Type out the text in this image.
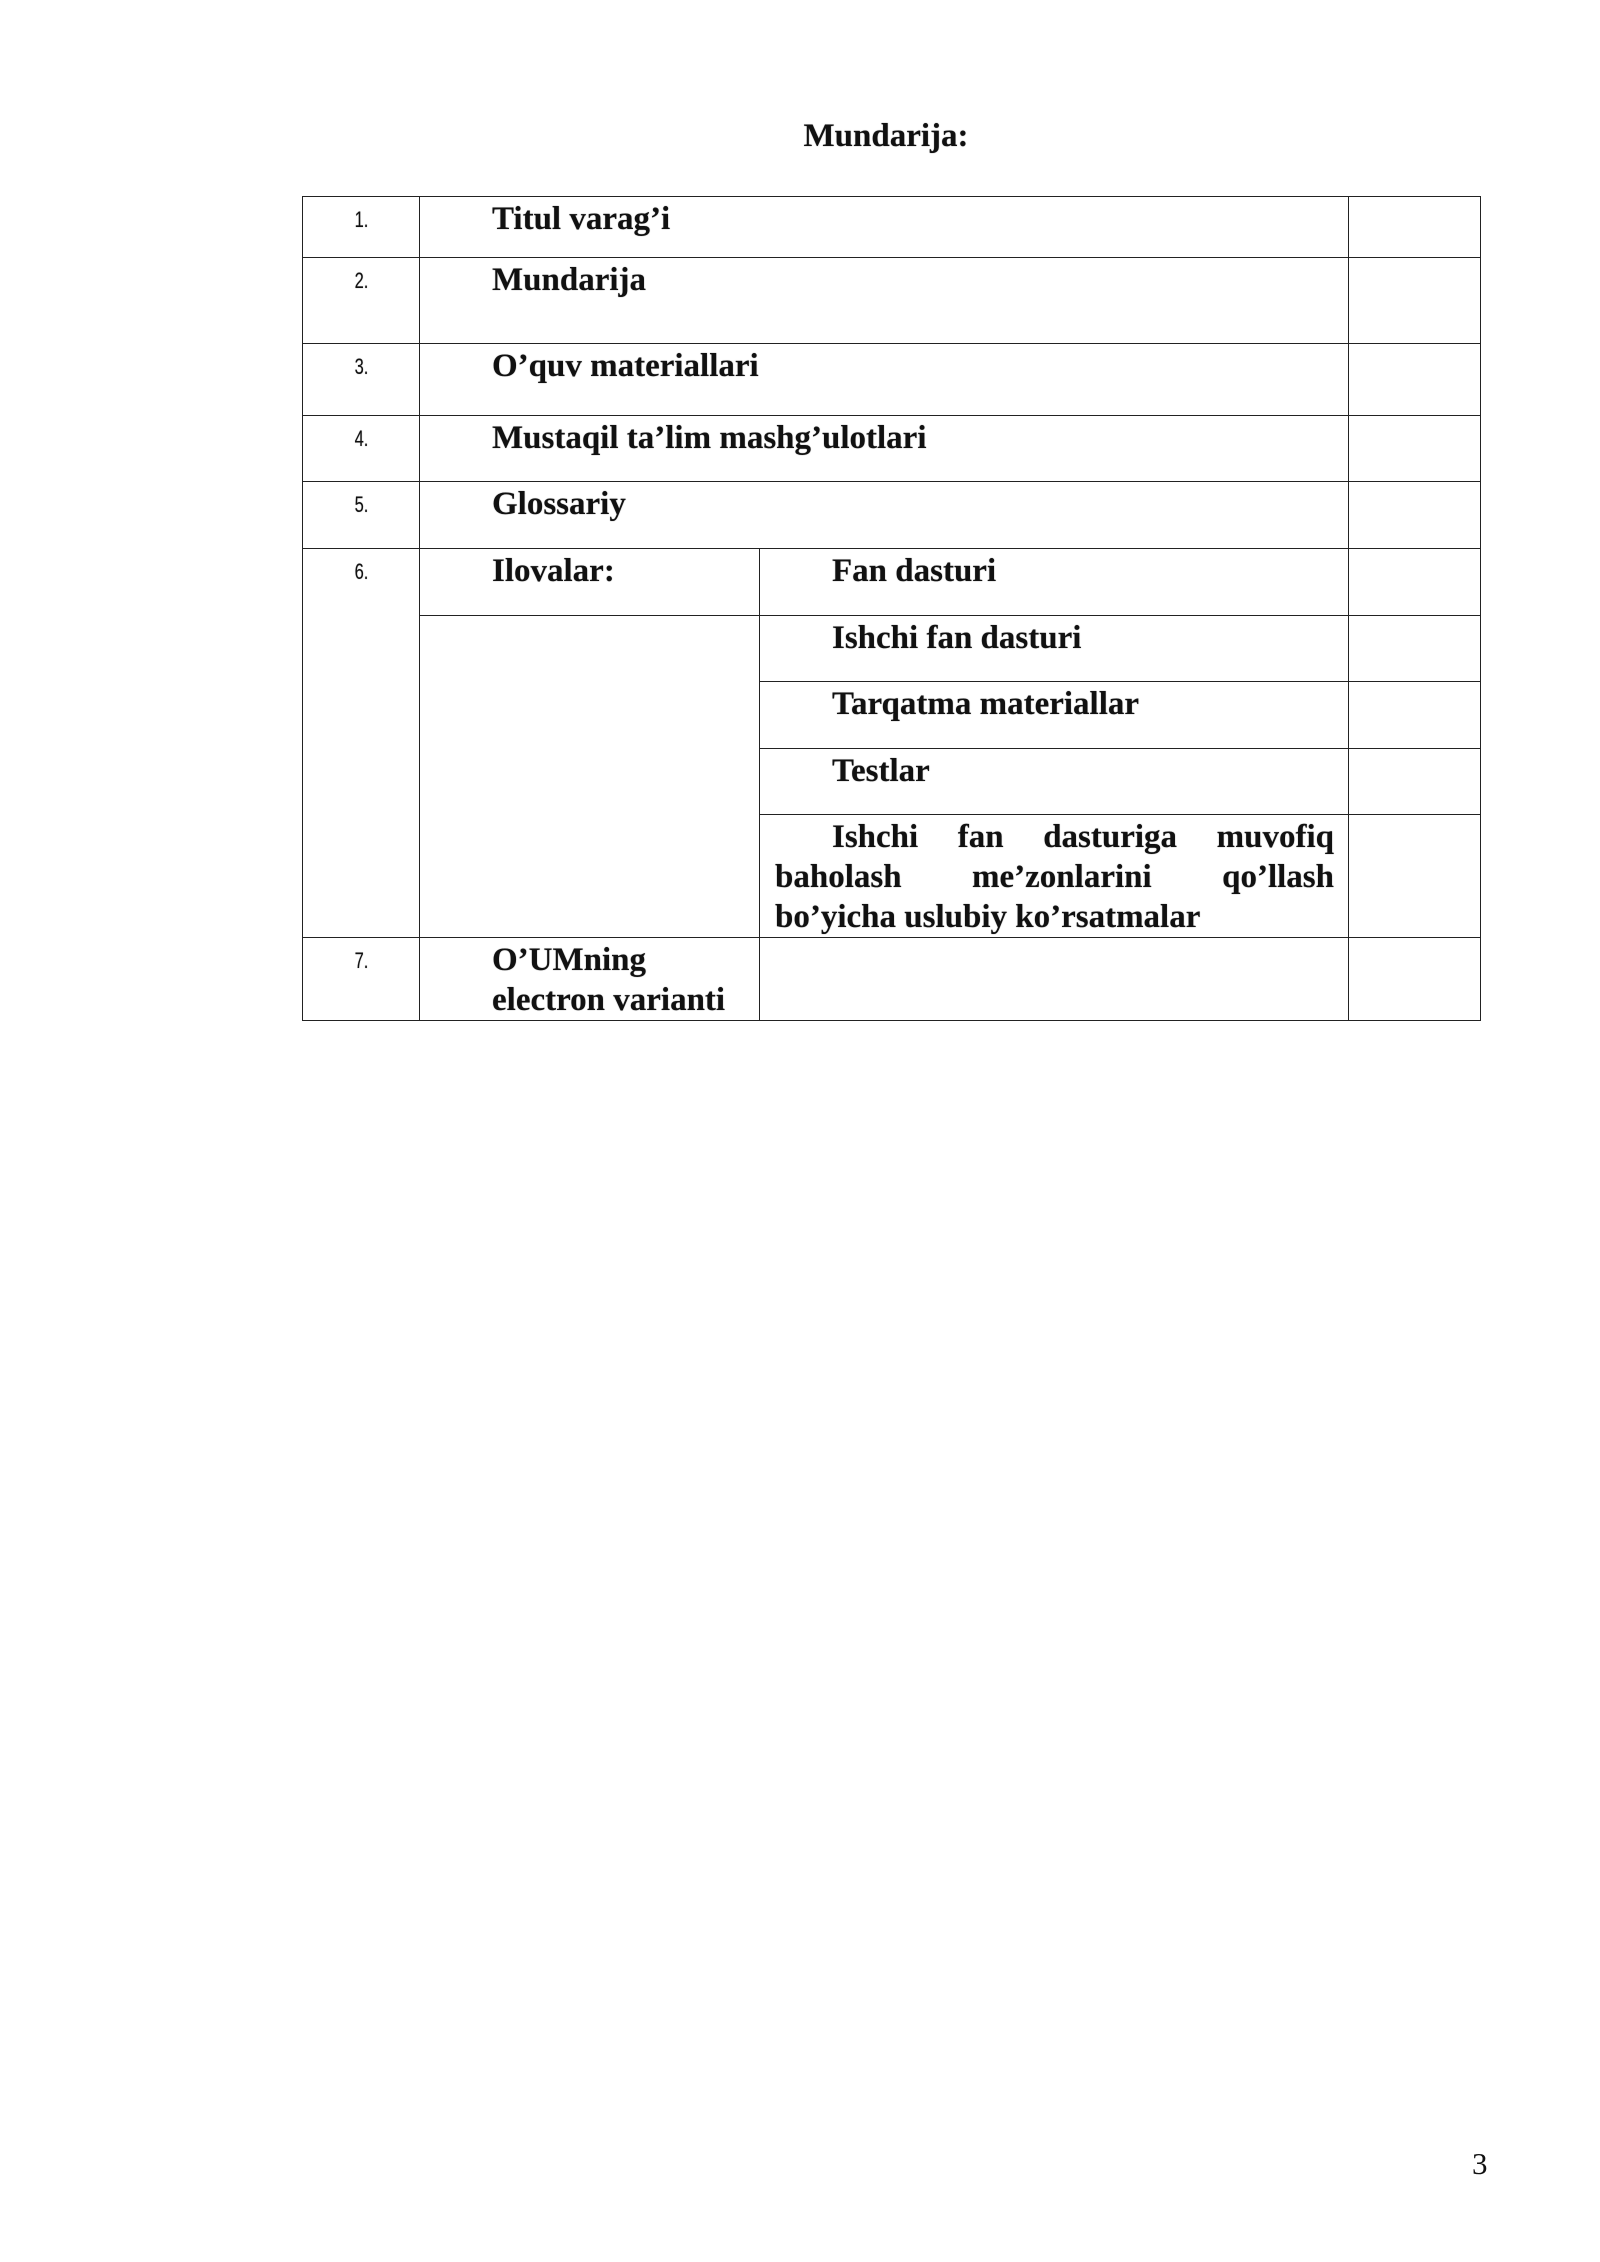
Mundarija:
1.	Titul varag’i		

2.	Mundarija		

3.	O’quv materiallari		

4.	Mustaqil ta’lim mashg’ulotlari		

5.	Glossariy		

6.	Ilovalar:	Fan dasturi	

		Ishchi fan dasturi	

		Tarqatma materiallar	

		Testlar	

		Ishchi fan dasturiga muvofiq baholash me’zonlarini qo’llash bo’yicha uslubiy ko’rsatmalar	

7.	O’UMning electron varianti		

3
